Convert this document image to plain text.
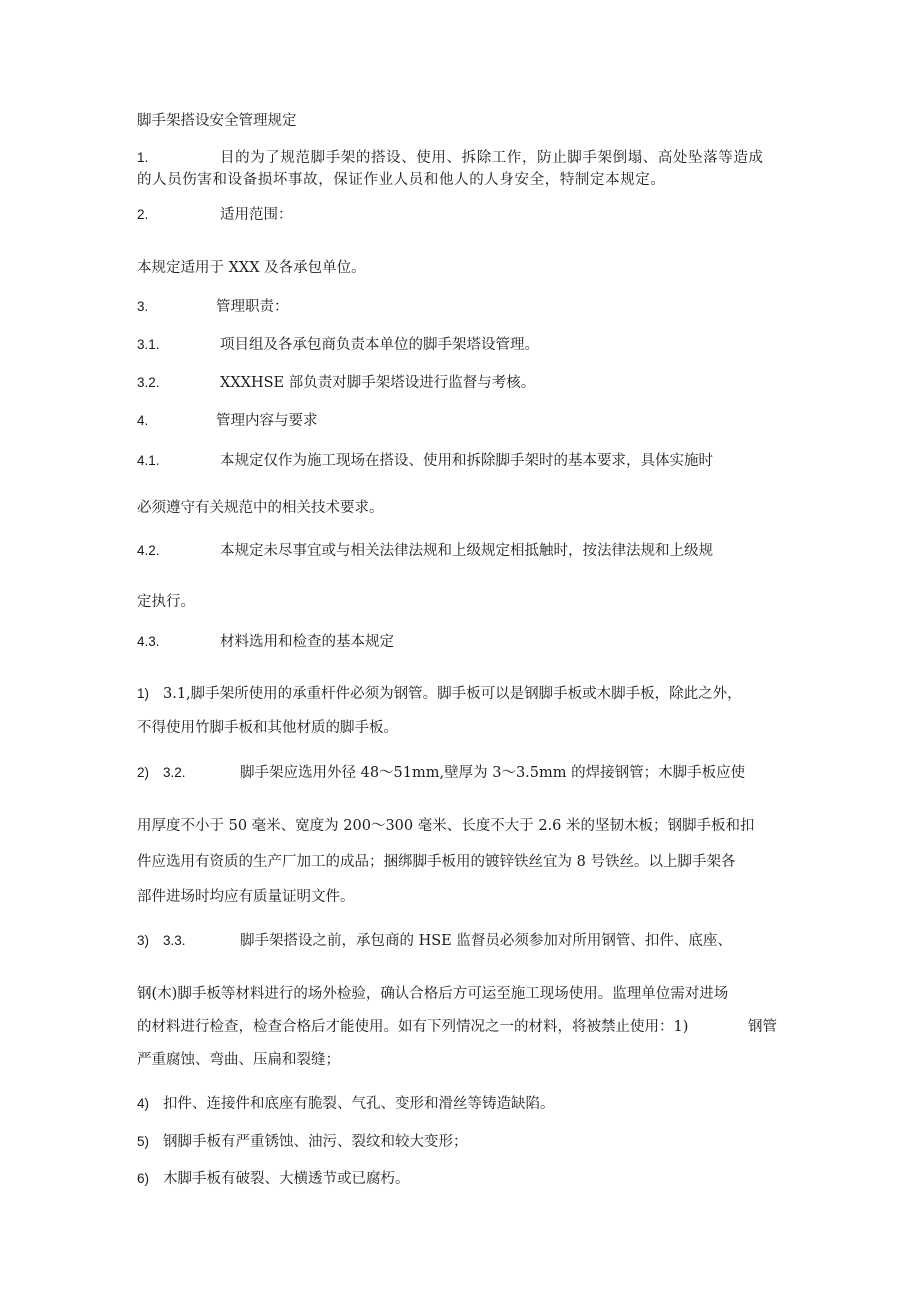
脚手架搭设安全管理规定
1.	目的为了规范脚手架的搭设、使用、拆除工作，防止脚手架倒塌、高处坠落等造成
的人员伤害和设备损坏事故，保证作业人员和他人的人身安全，特制定本规定。
2.	适用范围：
本规定适用于 XXX 及各承包单位。
3.	管理职责：
3.1.	项目组及各承包商负责本单位的脚手架塔设管理。
3.2.	XXXHSE 部负责对脚手架塔设进行监督与考核。
4.	管理内容与要求
4.1.	本规定仅作为施工现场在搭设、使用和拆除脚手架时的基本要求，具体实施时
必须遵守有关规范中的相关技术要求。
4.2.	本规定未尽事宜或与相关法律法规和上级规定相抵触时，按法律法规和上级规
定执行。
4.3.	材料选用和检查的基本规定
1) 3.1,脚手架所使用的承重杆件必须为钢管。脚手板可以是钢脚手板或木脚手板，除此之外，
不得使用竹脚手板和其他材质的脚手板。
2) 3.2.	脚手架应选用外径 48～51mm,壁厚为 3～3.5mm 的焊接钢管；木脚手板应使
用厚度不小于 50 毫米、宽度为 200～300 毫米、长度不大于 2.6 米的坚韧木板；钢脚手板和扣
件应选用有资质的生产厂加工的成品；捆绑脚手板用的镀锌铁丝宜为 8 号铁丝。以上脚手架各
部件进场时均应有质量证明文件。
3) 3.3.	脚手架搭设之前，承包商的 HSE 监督员必须参加对所用钢管、扣件、底座、
钢(木)脚手板等材料进行的场外检验，确认合格后方可运至施工现场使用。监理单位需对进场
的材料进行检查，检查合格后才能使用。如有下列情况之一的材料，将被禁止使用：1)	钢管
严重腐蚀、弯曲、压扁和裂缝；
4) 扣件、连接件和底座有脆裂、气孔、变形和滑丝等铸造缺陷。
5) 钢脚手板有严重锈蚀、油污、裂纹和较大变形；
6) 木脚手板有破裂、大横透节或已腐朽。
